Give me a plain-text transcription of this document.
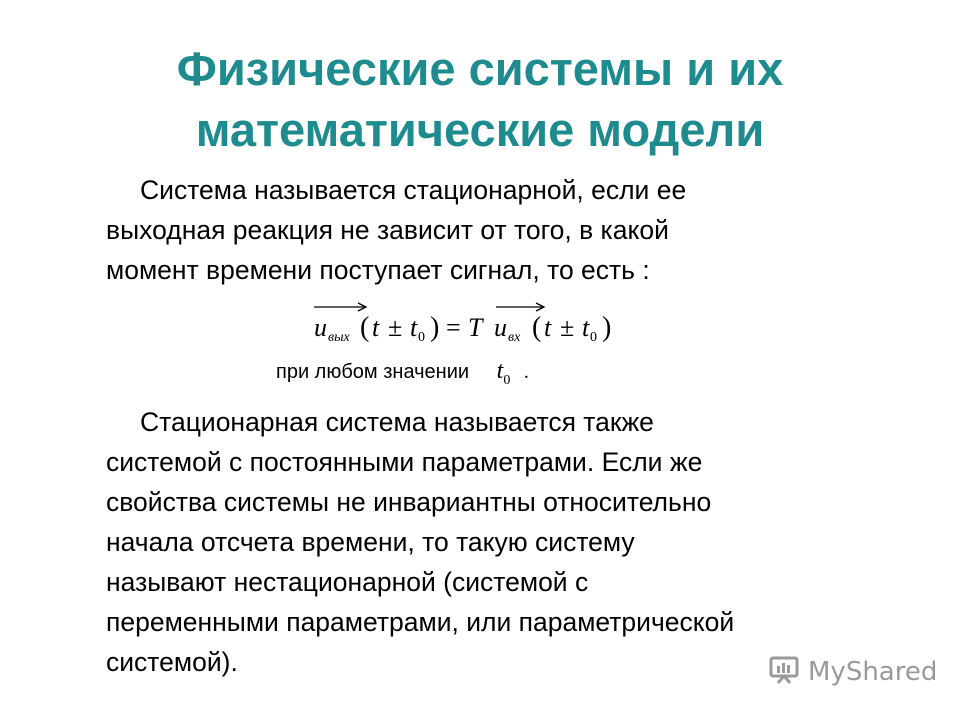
Физические системы и их
математические модели
Система называется стационарной, если ее
выходная реакция не зависит от того, в какой
момент времени поступает сигнал, то есть :
u вых ( t ± t 0 ) = T u вх ( t ± t 0 )
при любом значении $t_0$ .
Стационарная система называется также
системой с постоянными параметрами. Если же
свойства системы не инвариантны относительно
начала отсчета времени, то такую систему
называют нестационарной (системой с
переменными параметрами, или параметрической
системой).	MyShared
